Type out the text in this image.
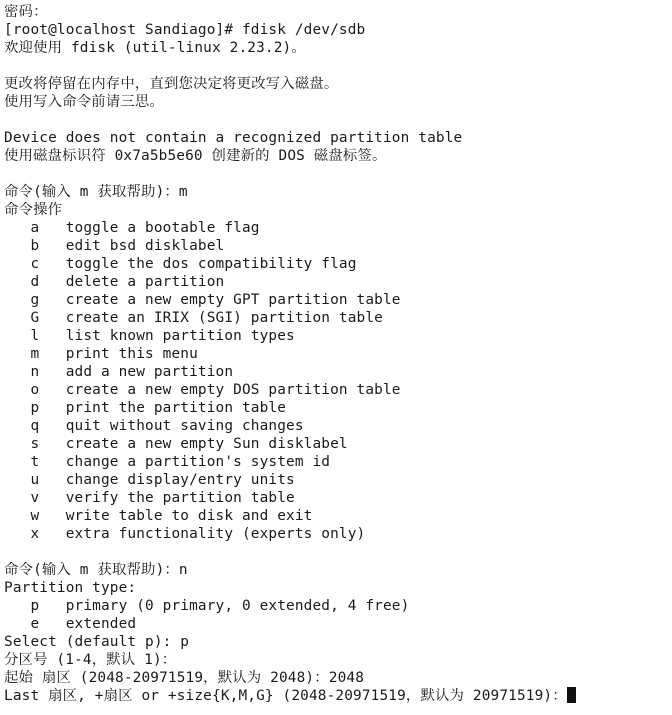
密码：
[root@localhost Sandiago]# fdisk /dev/sdb
欢迎使用 fdisk (util-linux 2.23.2)。
更改将停留在内存中，直到您决定将更改写入磁盘。
使用写入命令前请三思。
Device does not contain a recognized partition table
使用磁盘标识符 0x7a5b5e60 创建新的 DOS 磁盘标签。
命令(输入 m 获取帮助)：m
命令操作
a   toggle a bootable flag
b   edit bsd disklabel
c   toggle the dos compatibility flag
d   delete a partition
g   create a new empty GPT partition table
G   create an IRIX (SGI) partition table
l   list known partition types
m   print this menu
n   add a new partition
o   create a new empty DOS partition table
p   print the partition table
q   quit without saving changes
s   create a new empty Sun disklabel
t   change a partition's system id
u   change display/entry units
v   verify the partition table
w   write table to disk and exit
x   extra functionality (experts only)
命令(输入 m 获取帮助)：n
Partition type:
p   primary (0 primary, 0 extended, 4 free)
e   extended
Select (default p): p
分区号 (1-4，默认 1)：
起始 扇区 (2048-20971519，默认为 2048)：2048
Last 扇区, +扇区 or +size{K,M,G} (2048-20971519，默认为 20971519)：
